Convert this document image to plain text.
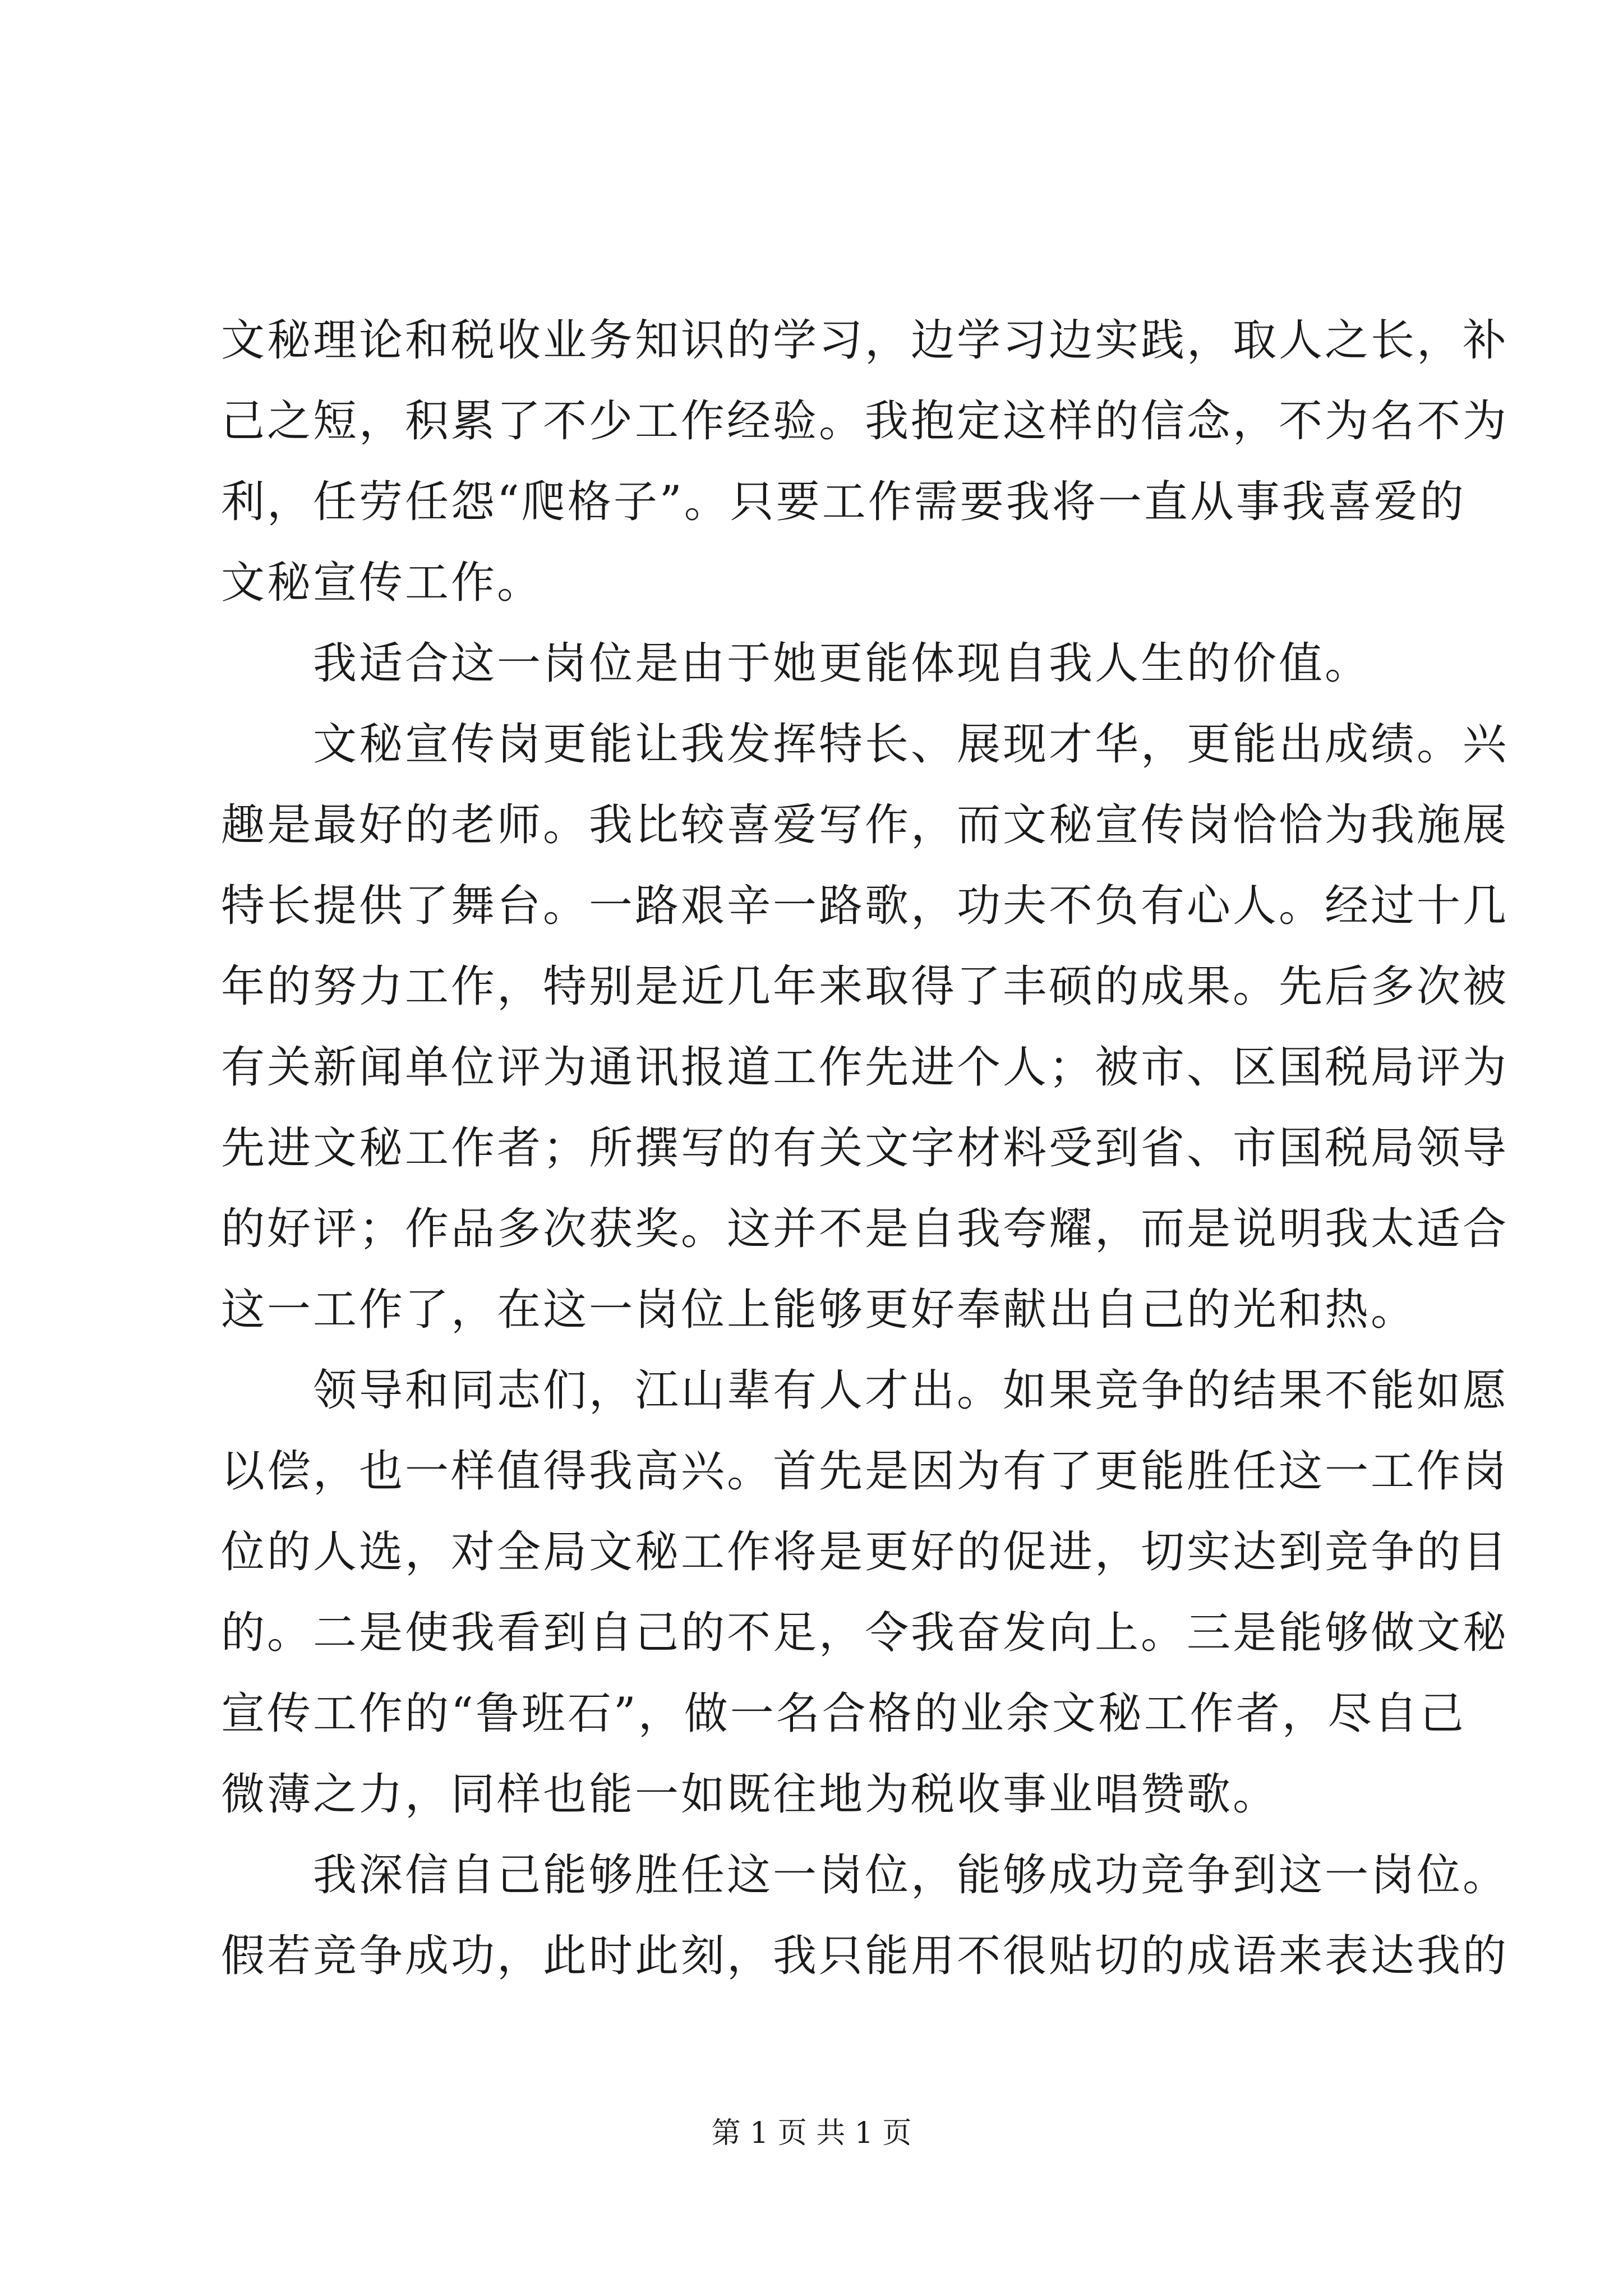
文秘理论和税收业务知识的学习，边学习边实践，取人之长，补
己之短，积累了不少工作经验。我抱定这样的信念，不为名不为
利，任劳任怨“爬格子”。只要工作需要我将一直从事我喜爱的
文秘宣传工作。
　　我适合这一岗位是由于她更能体现自我人生的价值。
　　文秘宣传岗更能让我发挥特长、展现才华，更能出成绩。兴
趣是最好的老师。我比较喜爱写作，而文秘宣传岗恰恰为我施展
特长提供了舞台。一路艰辛一路歌，功夫不负有心人。经过十几
年的努力工作，特别是近几年来取得了丰硕的成果。先后多次被
有关新闻单位评为通讯报道工作先进个人；被市、区国税局评为
先进文秘工作者；所撰写的有关文字材料受到省、市国税局领导
的好评；作品多次获奖。这并不是自我夸耀，而是说明我太适合
这一工作了，在这一岗位上能够更好奉献出自己的光和热。
　　领导和同志们，江山辈有人才出。如果竞争的结果不能如愿
以偿，也一样值得我高兴。首先是因为有了更能胜任这一工作岗
位的人选，对全局文秘工作将是更好的促进，切实达到竞争的目
的。二是使我看到自己的不足，令我奋发向上。三是能够做文秘
宣传工作的“鲁班石”，做一名合格的业余文秘工作者，尽自己
微薄之力，同样也能一如既往地为税收事业唱赞歌。
　　我深信自己能够胜任这一岗位，能够成功竞争到这一岗位。
假若竞争成功，此时此刻，我只能用不很贴切的成语来表达我的
第 1 页 共 1 页
